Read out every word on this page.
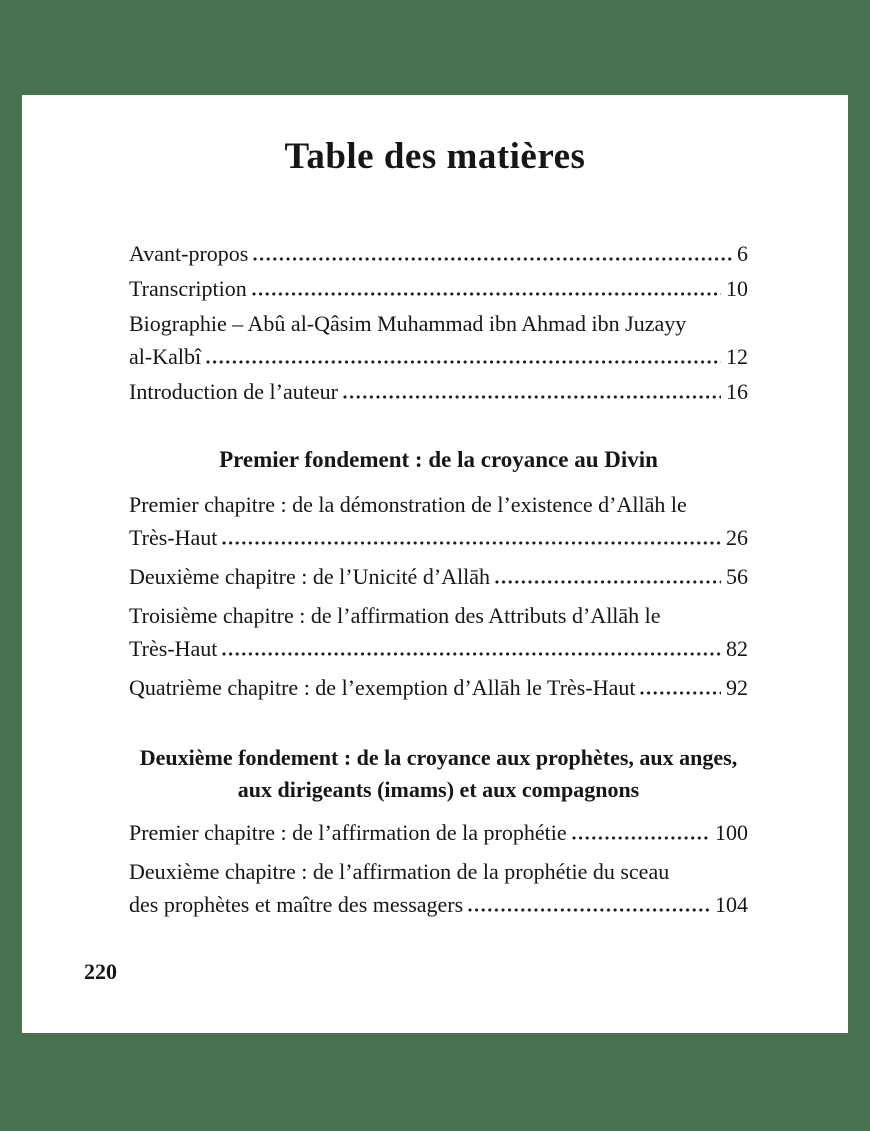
Table des matières
Avant-propos	6
Transcription	10
Biographie – Abû al-Qâsim Muhammad ibn Ahmad ibn Juzayy
al-Kalbî	12
Introduction de l’auteur	16
Premier fondement : de la croyance au Divin
Premier chapitre : de la démonstration de l’existence d’Allāh le
Très-Haut	26
Deuxième chapitre : de l’Unicité d’Allāh	56
Troisième chapitre : de l’affirmation des Attributs d’Allāh le
Très-Haut	82
Quatrième chapitre : de l’exemption d’Allāh le Très-Haut	92
Deuxième fondement : de la croyance aux prophètes, aux anges,
aux dirigeants (imams) et aux compagnons
Premier chapitre : de l’affirmation de la prophétie	100
Deuxième chapitre : de l’affirmation de la prophétie du sceau
des prophètes et maître des messagers	104
220
